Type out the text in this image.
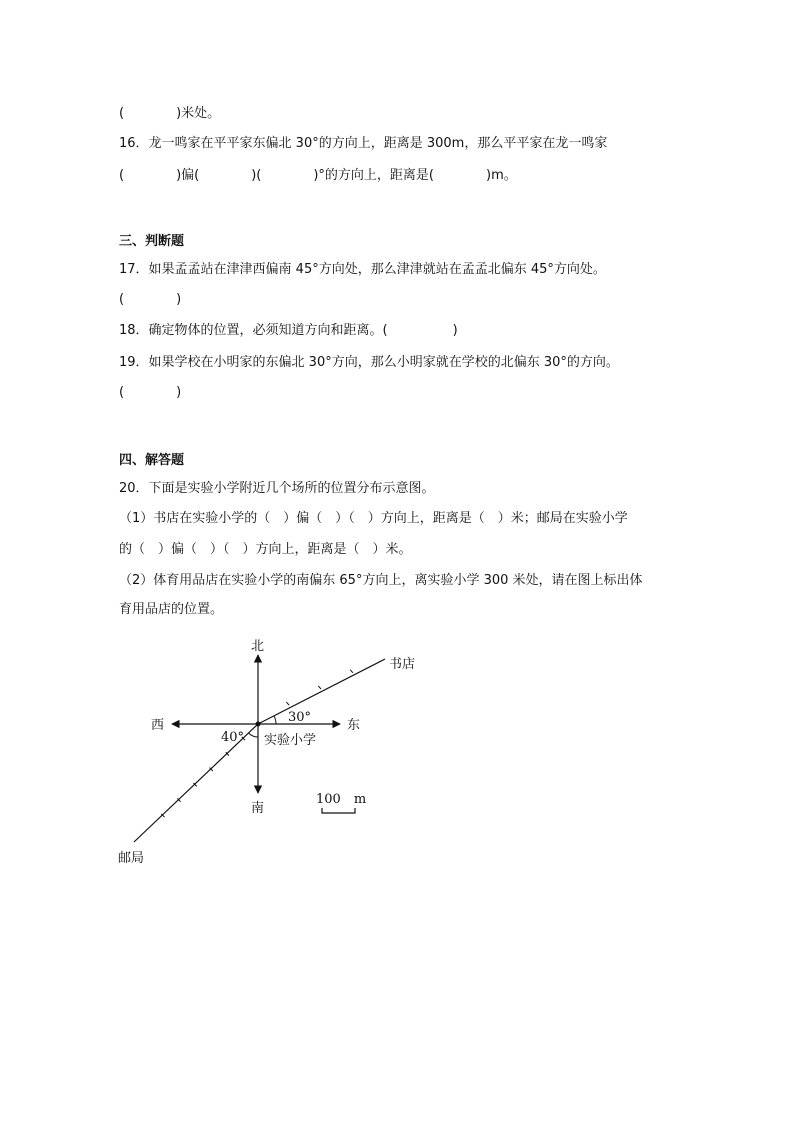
(　　　　)米处。
16．龙一鸣家在平平家东偏北 30°的方向上，距离是 300m，那么平平家在龙一鸣家
(　　　　)偏(　　　　)(　　　　)°的方向上，距离是(　　　　)m。
三、判断题
17．如果孟孟站在津津西偏南 45°方向处，那么津津就站在孟孟北偏东 45°方向处。
(　　　　)
18．确定物体的位置，必须知道方向和距离。(　　　　　)
19．如果学校在小明家的东偏北 30°方向，那么小明家就在学校的北偏东 30°的方向。
(　　　　)
四、解答题
20．下面是实验小学附近几个场所的位置分布示意图。
（1）书店在实验小学的（　）偏（　）（　）方向上，距离是（　）米；邮局在实验小学
的（　）偏（　）（　）方向上，距离是（　）米。
（2）体育用品店在实验小学的南偏东 65°方向上，离实验小学 300 米处，请在图上标出体
育用品店的位置。
北
南
东
西
30°
40° 实验小学
书店
邮局
100　m
